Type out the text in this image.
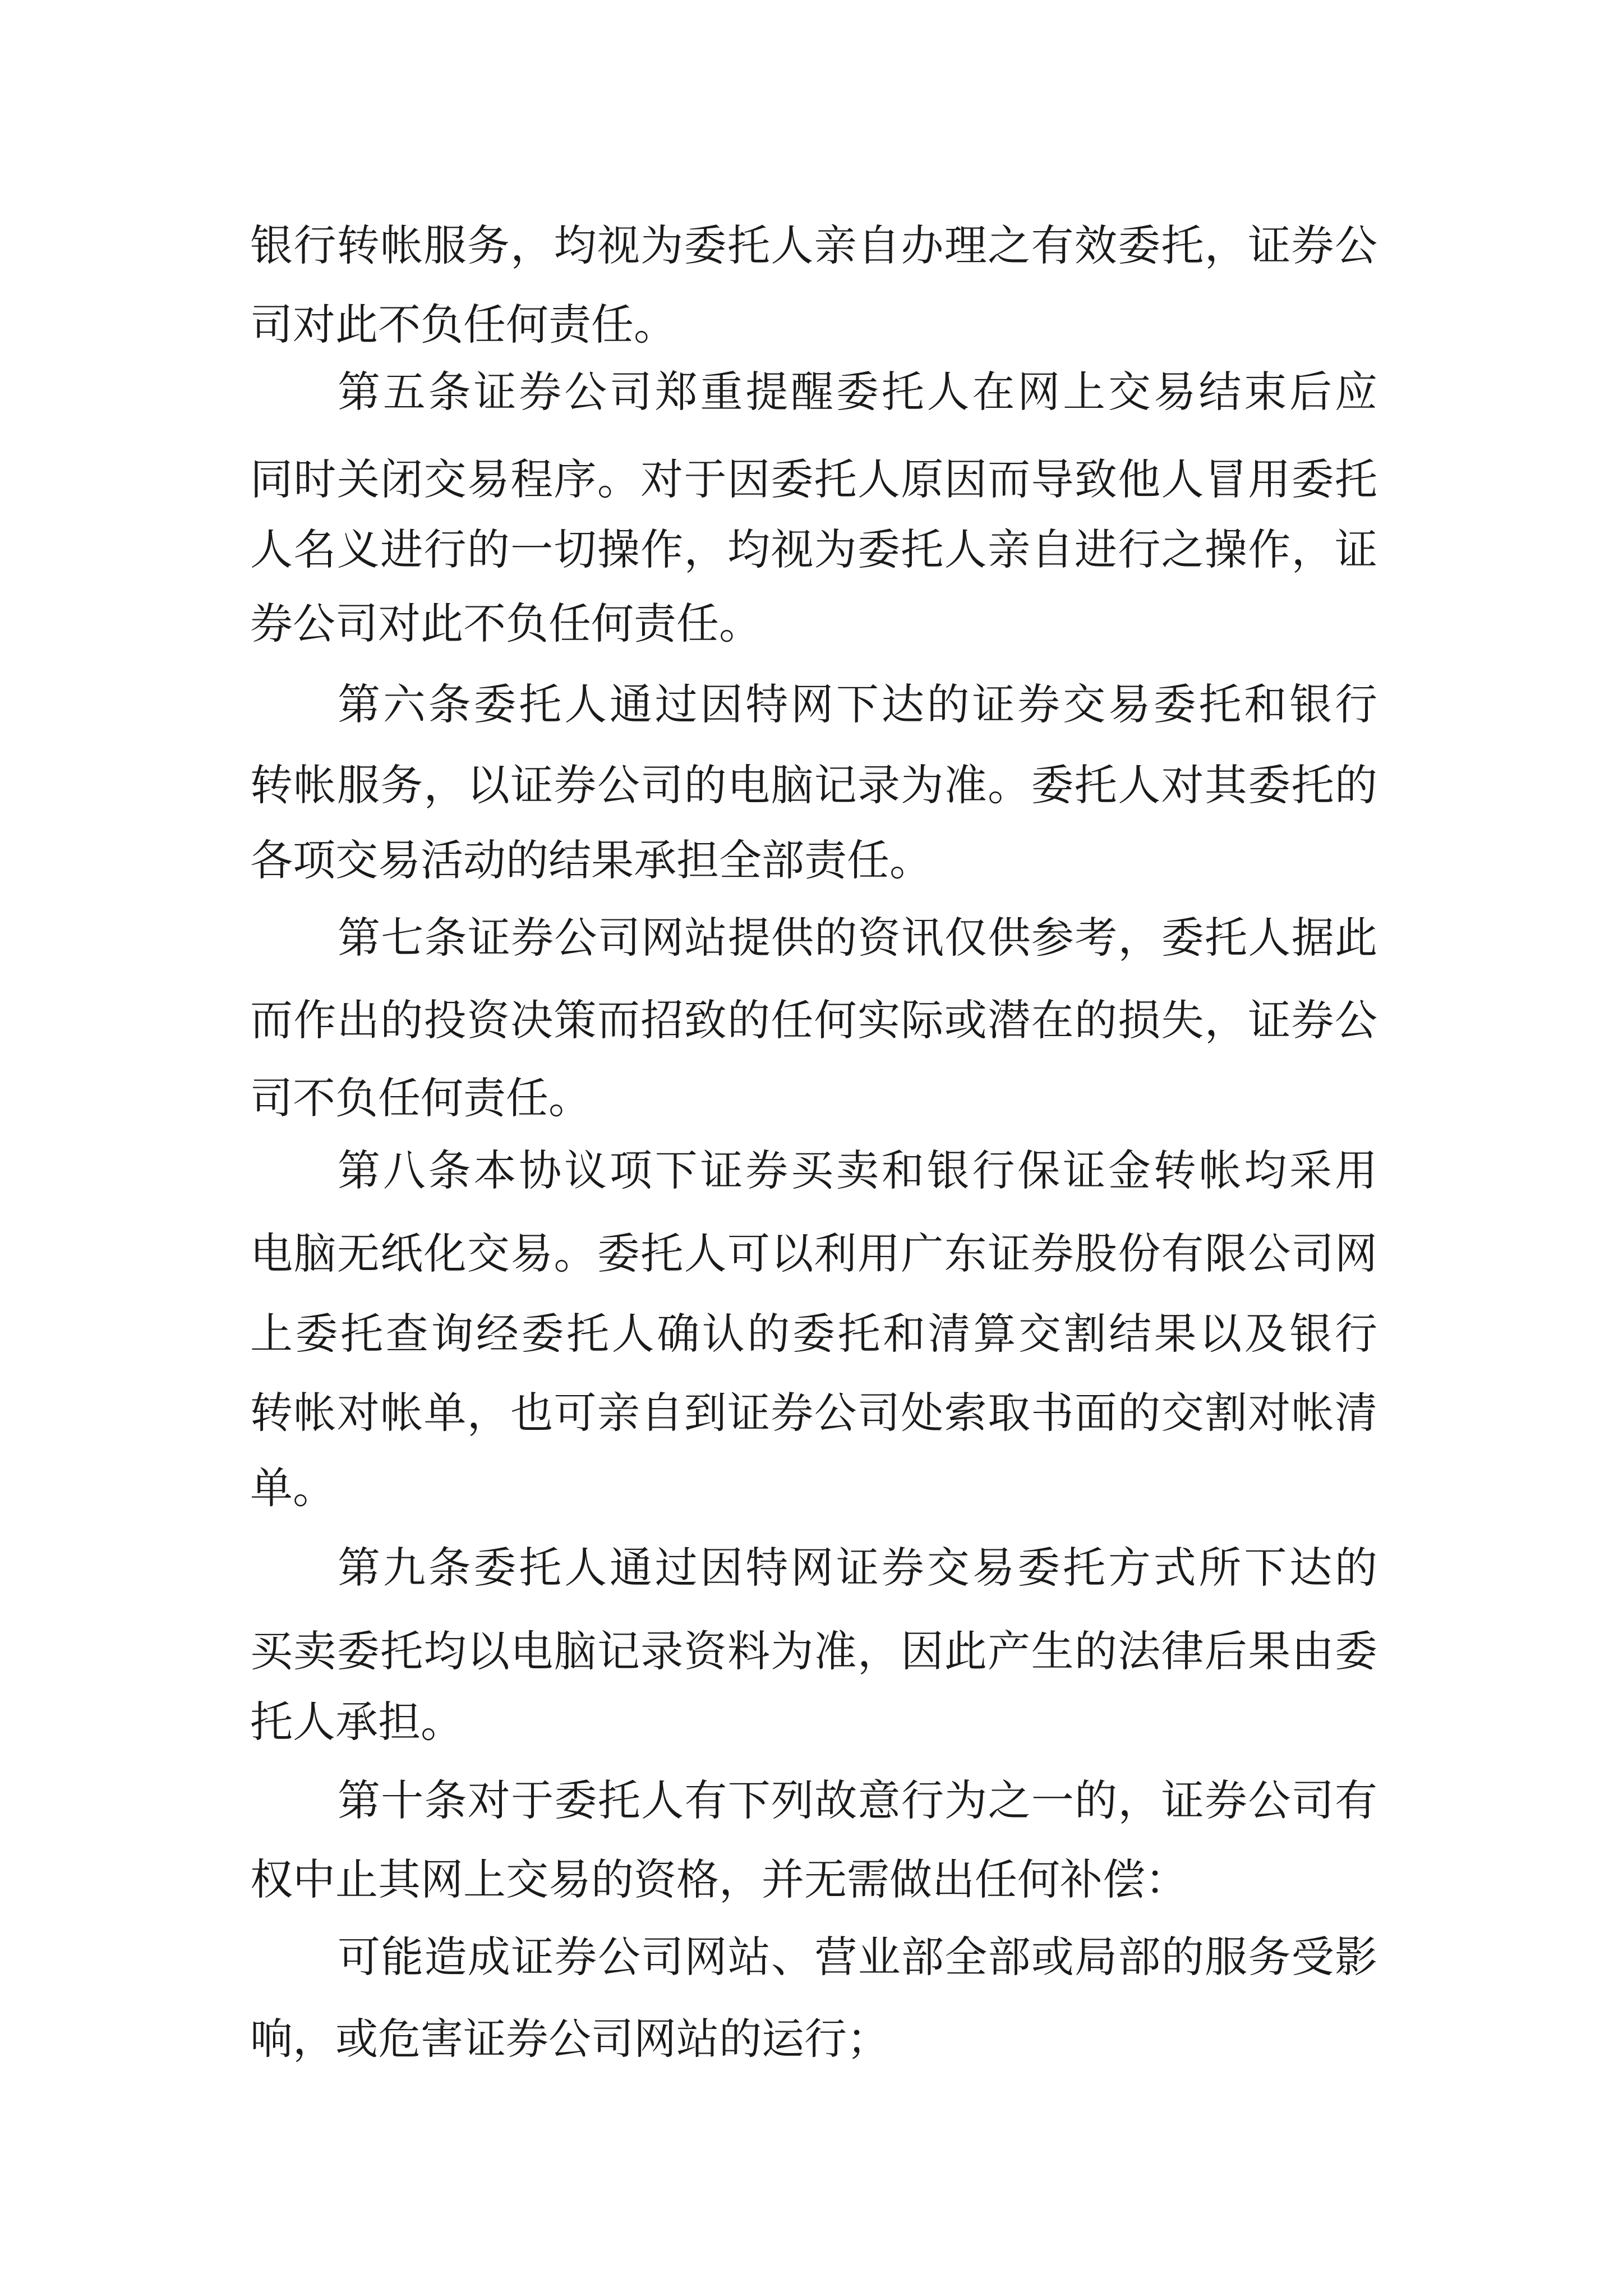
银行转帐服务，均视为委托人亲自办理之有效委托，证券公

司对此不负任何责任。

第五条证券公司郑重提醒委托人在网上交易结束后应

同时关闭交易程序。对于因委托人原因而导致他人冒用委托

人名义进行的一切操作，均视为委托人亲自进行之操作，证

券公司对此不负任何责任。

第六条委托人通过因特网下达的证券交易委托和银行

转帐服务，以证券公司的电脑记录为准。委托人对其委托的

各项交易活动的结果承担全部责任。

第七条证券公司网站提供的资讯仅供参考，委托人据此

而作出的投资决策而招致的任何实际或潜在的损失，证券公

司不负任何责任。

第八条本协议项下证券买卖和银行保证金转帐均采用

电脑无纸化交易。委托人可以利用广东证券股份有限公司网

上委托查询经委托人确认的委托和清算交割结果以及银行

转帐对帐单，也可亲自到证券公司处索取书面的交割对帐清

单。

第九条委托人通过因特网证券交易委托方式所下达的

买卖委托均以电脑记录资料为准，因此产生的法律后果由委

托人承担。

第十条对于委托人有下列故意行为之一的，证券公司有

权中止其网上交易的资格，并无需做出任何补偿：

可能造成证券公司网站、营业部全部或局部的服务受影

响，或危害证券公司网站的运行；
